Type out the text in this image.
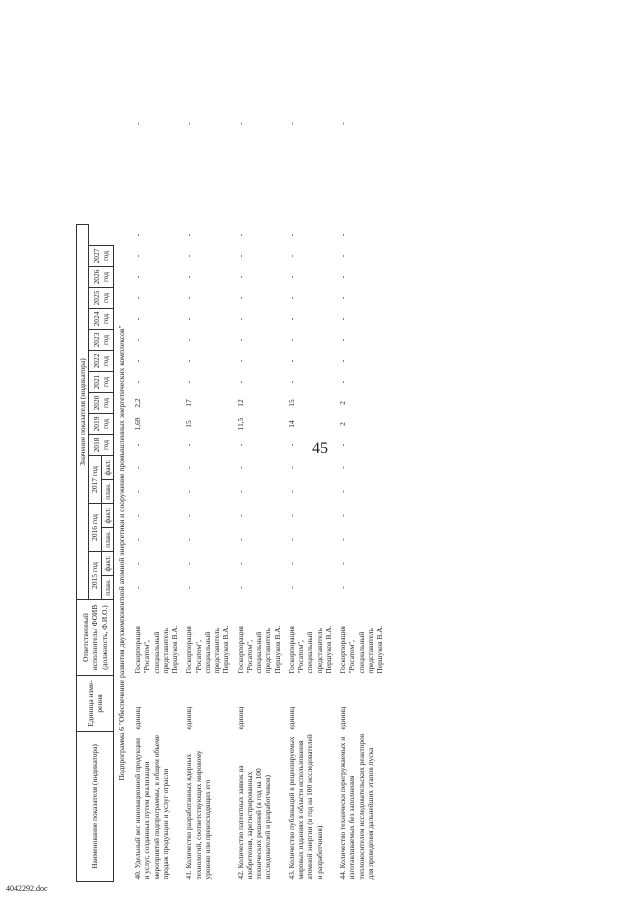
45
Наименование показателя (индикатора)	Единица изме- рения	Ответственный исполнитель/ ФОИВ (должность, Ф.И.О.)	Значение показателя (индикатора)																	
			2015 год		2016 год		2017 год		2018 год	2019 год	2020 год	2021 год	2022 год	2023 год	2024 год	2025 год	2026 год	2027 год		
			план.	факт.	план.	факт.	план.	факт.												
Подпрограмма 6 "Обеспечение развития двухкомпонентной атомной энергетики и сооружение промышленных энергетических комплексов"																				
40. Удельный вес инновационной продукции и услуг, созданных путем реализации мероприятий подпрограммы, в общем объеме продаж продукции и услуг отрасли	единиц	Госкорпорация "Росатом", специальный представитель Першуков В.А.	-	-	-	-	-	-	-	1,69	2,2	-	-	-	-	-	-	-	-	-
41. Количество разработанных ядерных технологий, соответствующих мировому уровню или превосходящих его	единиц	Госкорпорация "Росатом", специальный представитель Першуков В.А.	-	-	-	-	-	-	-	15	17	-	-	-	-	-	-	-	-	-
42. Количество патентных заявок на изобретения, зарегистрированных технических решений (в год на 100 исследователей и разработчиков)	единиц	Госкорпорация "Росатом", специальный представитель Першуков В.А.	-	-	-	-	-	-	-	11,5	12	-	-	-	-	-	-	-	-	-
43. Количество публикаций в рецензируемых мировых изданиях в области использования атомной энергии (в год на 100 исследователей и разработчиков)	единиц	Госкорпорация "Росатом", специальный представитель Першуков В.А.	-	-	-	-	-	-	-	14	15	-	-	-	-	-	-	-	-	-
44. Количество технически перегружаемых и изготавливаемых без заполнения теплоносителем исследовательских реакторов для проведения дальнейших этапов пуска	единиц	Госкорпорация "Росатом", специальный представитель Першуков В.А.	-	-	-	-	-	-	-	2	2	-	-	-	-	-	-	-	-	-
4042292.doc
